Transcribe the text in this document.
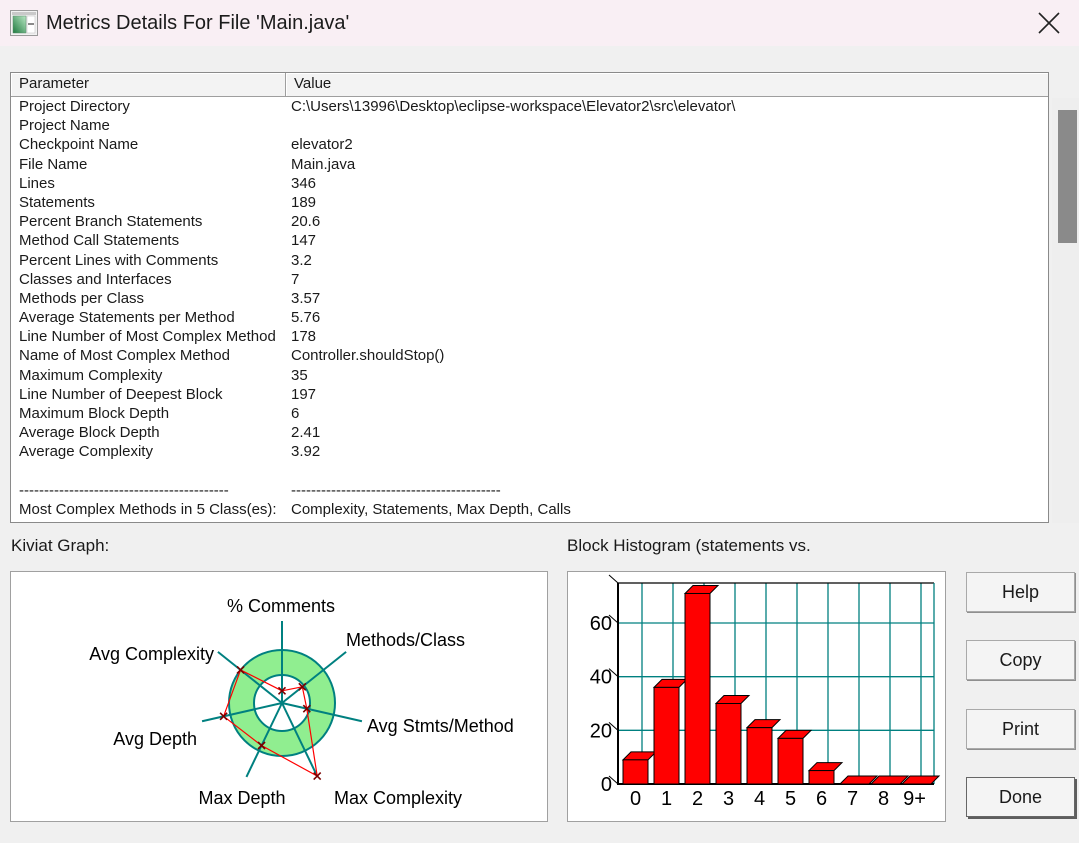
Metrics Details For File 'Main.java'
Parameter	Value
Project Directory	C:\Users\13996\Desktop\eclipse-workspace\Elevator2\src\elevator\
Project Name
Checkpoint Name	elevator2
File Name	Main.java
Lines	346
Statements	189
Percent Branch Statements	20.6
Method Call Statements	147
Percent Lines with Comments	3.2
Classes and Interfaces	7
Methods per Class	3.57
Average Statements per Method	5.76
Line Number of Most Complex Method	178
Name of Most Complex Method	Controller.shouldStop()
Maximum Complexity	35
Line Number of Deepest Block	197
Maximum Block Depth	6
Average Block Depth	2.41
Average Complexity	3.92
------------------------------------------	------------------------------------------
Most Complex Methods in 5 Class(es): Complexity, Statements, Max Depth, Calls
Kiviat Graph:	Block Histogram (statements vs.
% Comments
Methods/Class
Avg Stmts/Method
Max Complexity
Max Depth
Avg Depth
Avg Complexity
0
20
40
60
0 1 2 3 4 5 6 7 8 9+
Help
Copy
Print
Done
